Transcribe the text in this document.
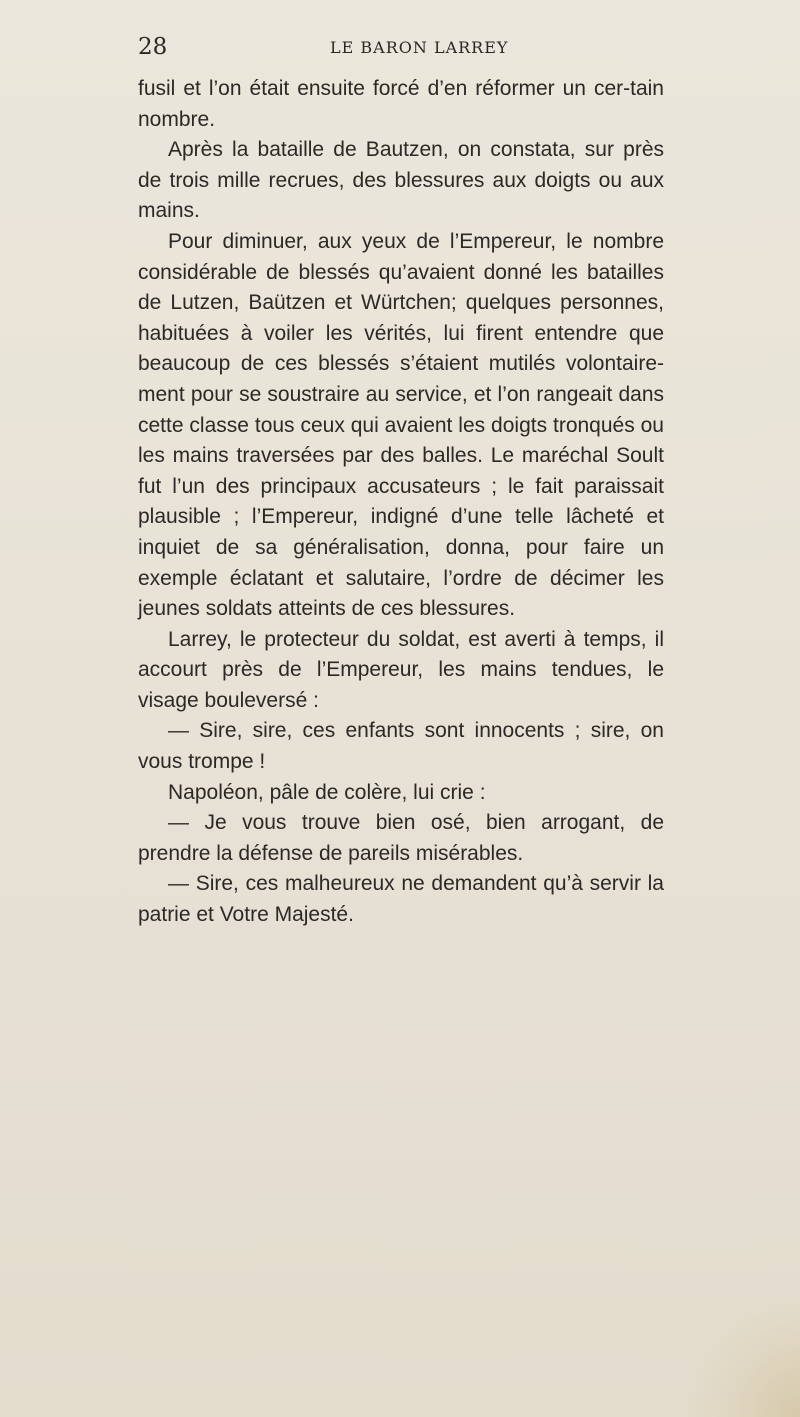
28	LE BARON LARREY

fusil et l’on était ensuite forcé d’en réformer un cer-tain nombre.

Après la bataille de Bautzen, on constata, sur près de trois mille recrues, des blessures aux doigts ou aux mains.

Pour diminuer, aux yeux de l’Empereur, le nombre considérable de blessés qu’avaient donné les batailles de Lutzen, Baützen et Würtchen; quelques personnes, habituées à voiler les vérités, lui firent entendre que beaucoup de ces blessés s’étaient mutilés volontaire-ment pour se soustraire au service, et l’on rangeait dans cette classe tous ceux qui avaient les doigts tronqués ou les mains traversées par des balles. Le maréchal Soult fut l’un des principaux accusateurs ; le fait paraissait plausible ; l’Empereur, indigné d’une telle lâcheté et inquiet de sa généralisation, donna, pour faire un exemple éclatant et salutaire, l’ordre de décimer les jeunes soldats atteints de ces blessures.

Larrey, le protecteur du soldat, est averti à temps, il accourt près de l’Empereur, les mains tendues, le visage bouleversé :

— Sire, sire, ces enfants sont innocents ; sire, on vous trompe !

Napoléon, pâle de colère, lui crie :

— Je vous trouve bien osé, bien arrogant, de prendre la défense de pareils misérables.

— Sire, ces malheureux ne demandent qu’à servir la patrie et Votre Majesté.
